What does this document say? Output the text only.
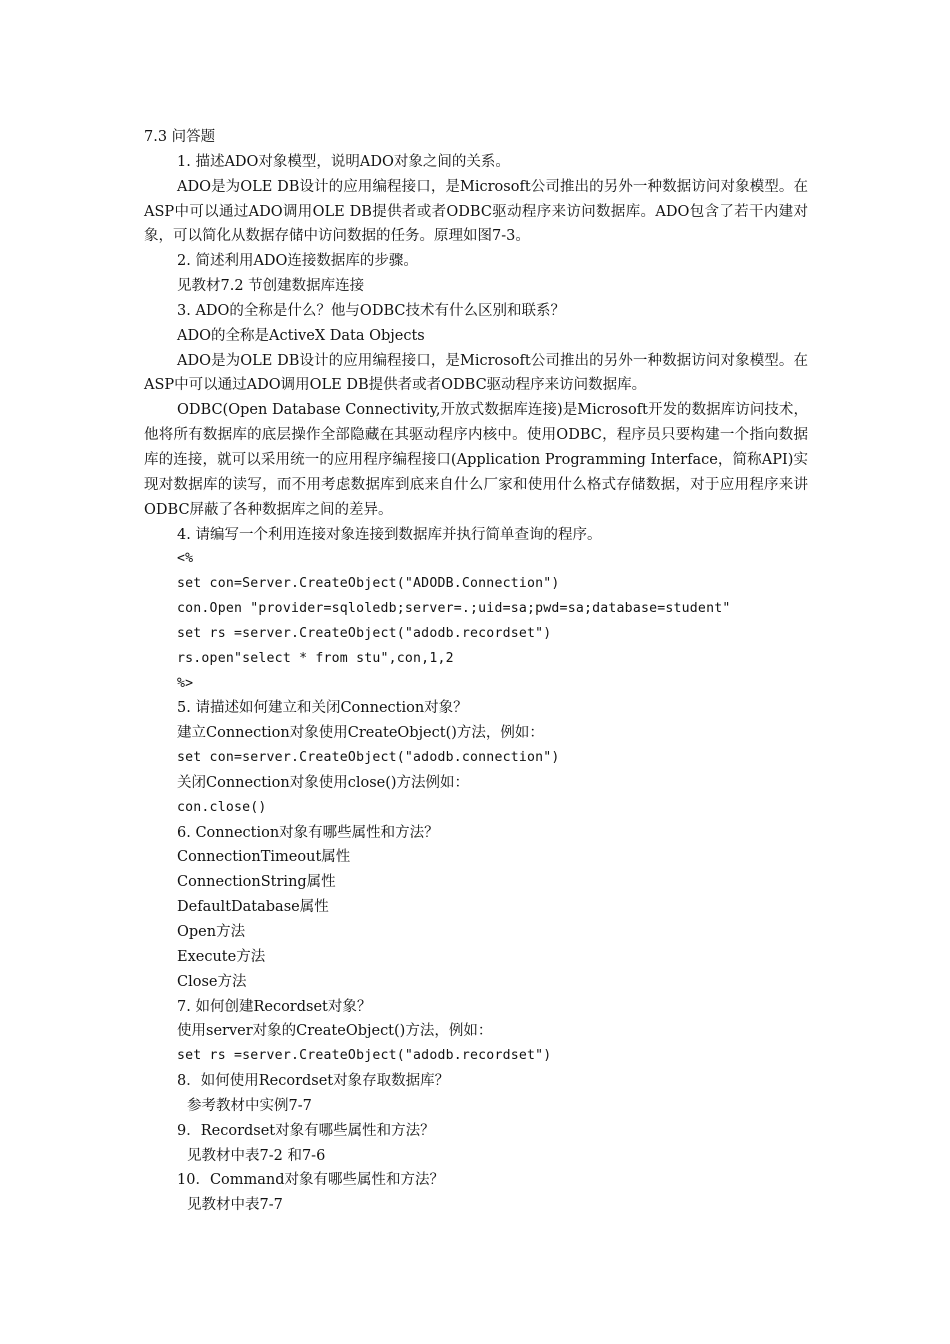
7.3 问答题

1. 描述ADO对象模型，说明ADO对象之间的关系。

ADO是为OLE DB设计的应用编程接口，是Microsoft公司推出的另外一种数据访问对象模型。在ASP中可以通过ADO调用OLE DB提供者或者ODBC驱动程序来访问数据库。ADO包含了若干内建对象，可以简化从数据存储中访问数据的任务。原理如图7-3。

2. 简述利用ADO连接数据库的步骤。

见教材7.2 节创建数据库连接

3. ADO的全称是什么？他与ODBC技术有什么区别和联系？

ADO的全称是ActiveX Data Objects

ADO是为OLE DB设计的应用编程接口，是Microsoft公司推出的另外一种数据访问对象模型。在ASP中可以通过ADO调用OLE DB提供者或者ODBC驱动程序来访问数据库。

ODBC(Open Database Connectivity,开放式数据库连接)是Microsoft开发的数据库访问技术，他将所有数据库的底层操作全部隐藏在其驱动程序内核中。使用ODBC，程序员只要构建一个指向数据库的连接，就可以采用统一的应用程序编程接口(Application Programming Interface，简称API)实现对数据库的读写，而不用考虑数据库到底来自什么厂家和使用什么格式存储数据，对于应用程序来讲ODBC屏蔽了各种数据库之间的差异。

4. 请编写一个利用连接对象连接到数据库并执行简单查询的程序。

<%

set con=Server.CreateObject("ADODB.Connection")

con.Open "provider=sqloledb;server=.;uid=sa;pwd=sa;database=student"

set rs =server.CreateObject("adodb.recordset")

rs.open"select * from stu",con,1,2

%>

5. 请描述如何建立和关闭Connection对象？

建立Connection对象使用CreateObject()方法，例如：

set con=server.CreateObject("adodb.connection")

关闭Connection对象使用close()方法例如：

con.close()

6. Connection对象有哪些属性和方法？

ConnectionTimeout属性

ConnectionString属性

DefaultDatabase属性

Open方法

Execute方法

Close方法

7. 如何创建Recordset对象？

使用server对象的CreateObject()方法，例如：

set rs =server.CreateObject("adodb.recordset")

8．如何使用Recordset对象存取数据库？

参考教材中实例7-7

9．Recordset对象有哪些属性和方法？

见教材中表7-2 和7-6

10．Command对象有哪些属性和方法？

见教材中表7-7
